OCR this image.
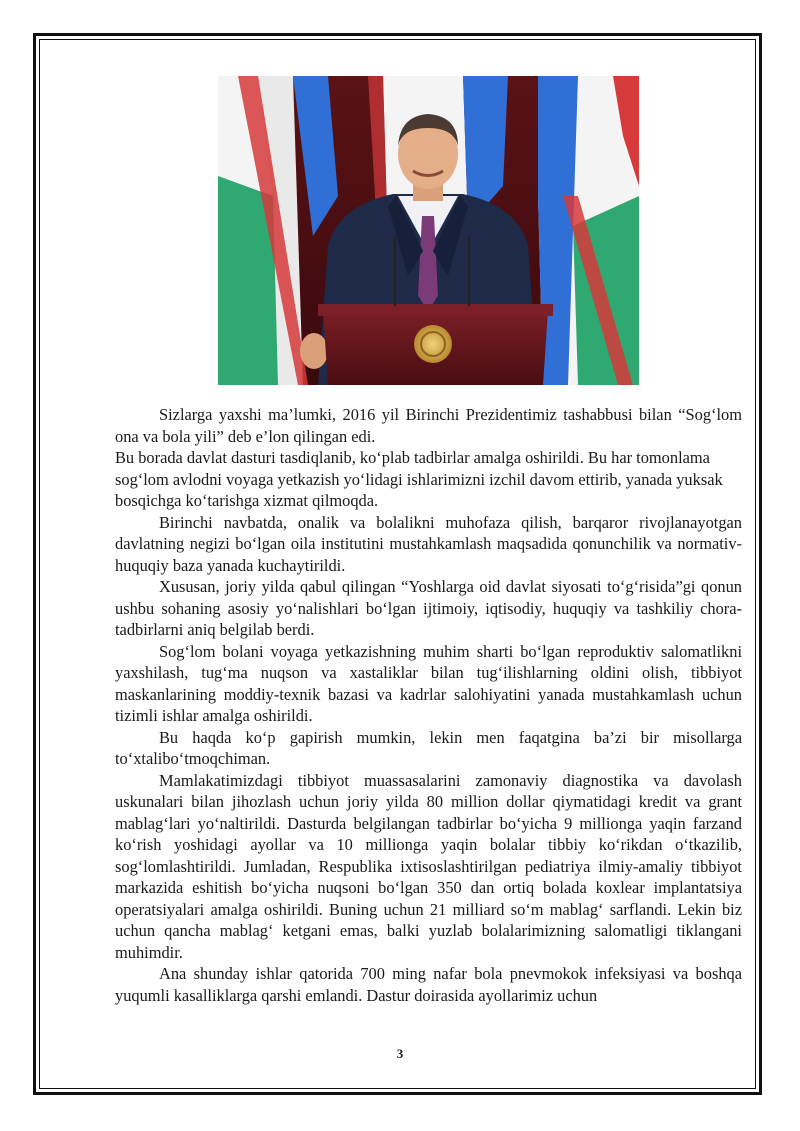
Sizlarga yaxshi ma’lumki, 2016 yil Birinchi Prezidentimiz tashabbusi bilan “Sog‘lom ona va bola yili” deb e’lon qilingan edi.

Bu borada davlat dasturi tasdiqlanib, ko‘plab tadbirlar amalga oshirildi. Bu har tomonlama sog‘lom avlodni voyaga yetkazish yo‘lidagi ishlarimizni izchil davom ettirib, yanada yuksak bosqichga ko‘tarishga xizmat qilmoqda.

Birinchi navbatda, onalik va bolalikni muhofaza qilish, barqaror rivojlanayotgan davlatning negizi bo‘lgan oila institutini mustahkamlash maqsadida qonunchilik va normativ-huquqiy baza yanada kuchaytirildi.

Xususan, joriy yilda qabul qilingan “Yoshlarga oid davlat siyosati to‘g‘risida”gi qonun ushbu sohaning asosiy yo‘nalishlari bo‘lgan ijtimoiy, iqtisodiy, huquqiy va tashkiliy chora-tadbirlarni aniq belgilab berdi.

Sog‘lom bolani voyaga yetkazishning muhim sharti bo‘lgan reproduktiv salomatlikni yaxshilash, tug‘ma nuqson va xastaliklar bilan tug‘ilishlarning oldini olish, tibbiyot maskanlarining moddiy-texnik bazasi va kadrlar salohiyatini yanada mustahkamlash uchun tizimli ishlar amalga oshirildi.

Bu haqda ko‘p gapirish mumkin, lekin men faqatgina ba’zi bir misollarga to‘xtalibo‘tmoqchiman.

Mamlakatimizdagi tibbiyot muassasalarini zamonaviy diagnostika va davolash uskunalari bilan jihozlash uchun joriy yilda 80 million dollar qiymatidagi kredit va grant mablag‘lari yo‘naltirildi. Dasturda belgilangan tadbirlar bo‘yicha 9 millionga yaqin farzand ko‘rish yoshidagi ayollar va 10 millionga yaqin bolalar tibbiy ko‘rikdan o‘tkazilib, sog‘lomlashtirildi. Jumladan, Respublika ixtisoslashtirilgan pediatriya ilmiy-amaliy tibbiyot markazida eshitish bo‘yicha nuqsoni bo‘lgan 350 dan ortiq bolada koxlear implantatsiya operatsiyalari amalga oshirildi. Buning uchun 21 milliard so‘m mablag‘ sarflandi. Lekin biz uchun qancha mablag‘ ketgani emas, balki yuzlab bolalarimizning salomatligi tiklangani muhimdir.

Ana shunday ishlar qatorida 700 ming nafar bola pnevmokok infeksiyasi va boshqa yuqumli kasalliklarga qarshi emlandi. Dastur doirasida ayollarimiz uchun

3
